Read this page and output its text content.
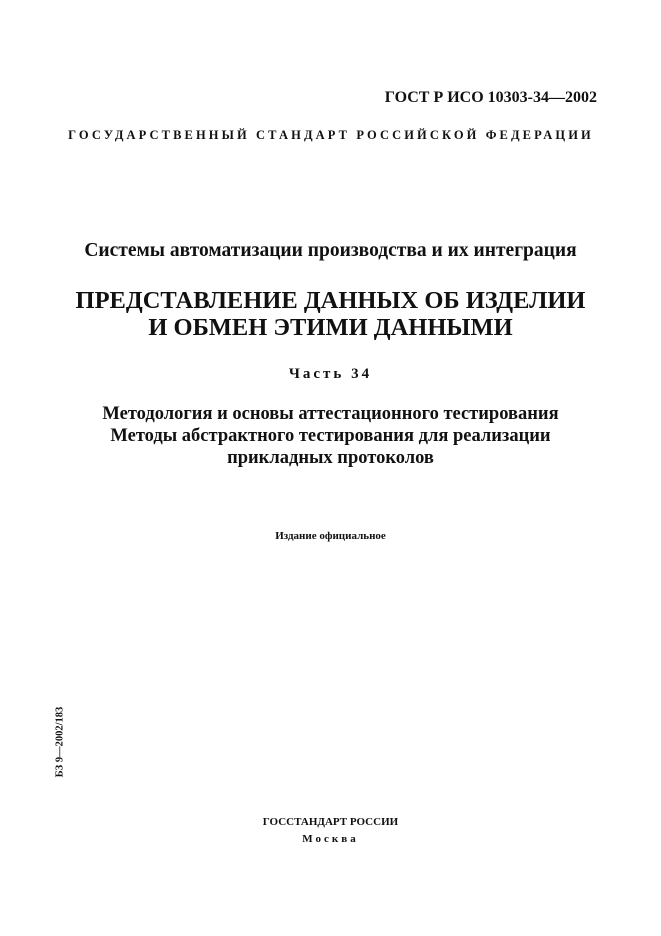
ГОСТ Р ИСО 10303-34—2002
ГОСУДАРСТВЕННЫЙ СТАНДАРТ РОССИЙСКОЙ ФЕДЕРАЦИИ
Системы автоматизации производства и их интеграция
ПРЕДСТАВЛЕНИЕ ДАННЫХ ОБ ИЗДЕЛИИ
И ОБМЕН ЭТИМИ ДАННЫМИ
Часть 34
Методология и основы аттестационного тестирования
Методы абстрактного тестирования для реализации
прикладных протоколов
Издание официальное
БЗ 9—2002/183
ГОССТАНДАРТ РОССИИ
Москва
